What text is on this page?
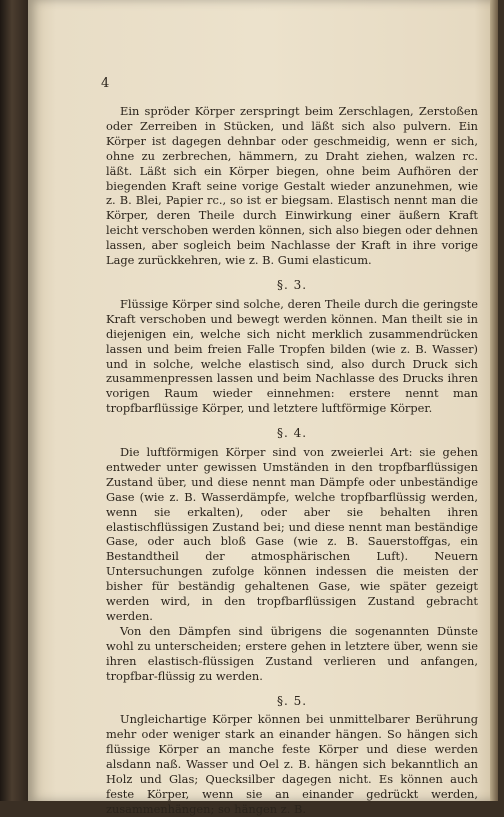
4

Ein spröder Körper zerspringt beim Zerschlagen, Zerstoßen oder Zerreiben in Stücken, und läßt sich also pulvern. Ein Körper ist dagegen dehnbar oder geschmeidig, wenn er sich, ohne zu zerbrechen, hämmern, zu Draht ziehen, walzen rc. läßt. Läßt sich ein Körper biegen, ohne beim Aufhören der biegenden Kraft seine vorige Gestalt wieder anzunehmen, wie z. B. Blei, Papier rc., so ist er biegsam. Elastisch nennt man die Körper, deren Theile durch Einwirkung einer äußern Kraft leicht verschoben werden können, sich also biegen oder dehnen lassen, aber sogleich beim Nachlasse der Kraft in ihre vorige Lage zurückkehren, wie z. B. Gumi elasticum.

§. 3.

Flüssige Körper sind solche, deren Theile durch die geringste Kraft verschoben und bewegt werden können. Man theilt sie in diejenigen ein, welche sich nicht merklich zusammendrücken lassen und beim freien Falle Tropfen bilden (wie z. B. Wasser) und in solche, welche elastisch sind, also durch Druck sich zusammenpressen lassen und beim Nachlasse des Drucks ihren vorigen Raum wieder einnehmen: erstere nennt man tropfbarflüssige Körper, und letztere luftförmige Körper.

§. 4.

Die luftförmigen Körper sind von zweierlei Art: sie gehen entweder unter gewissen Umständen in den tropfbarflüssigen Zustand über, und diese nennt man Dämpfe oder unbeständige Gase (wie z. B. Wasserdämpfe, welche tropfbarflüssig werden, wenn sie erkalten), oder aber sie behalten ihren elastischflüssigen Zustand bei; und diese nennt man beständige Gase, oder auch bloß Gase (wie z. B. Sauerstoffgas, ein Bestandtheil der atmosphärischen Luft). Neuern Untersuchungen zufolge können indessen die meisten der bisher für beständig gehaltenen Gase, wie später gezeigt werden wird, in den tropfbarflüssigen Zustand gebracht werden.

Von den Dämpfen sind übrigens die sogenannten Dünste wohl zu unterscheiden; erstere gehen in letztere über, wenn sie ihren elastisch-flüssigen Zustand verlieren und anfangen, tropfbar-flüssig zu werden.

§. 5.

Ungleichartige Körper können bei unmittelbarer Berührung mehr oder weniger stark an einander hängen. So hängen sich flüssige Körper an manche feste Körper und diese werden alsdann naß. Wasser und Oel z. B. hängen sich bekanntlich an Holz und Glas; Quecksilber dagegen nicht. Es können auch feste Körper, wenn sie an einander gedrückt werden, zusammenhängen; so hängen z. B.
